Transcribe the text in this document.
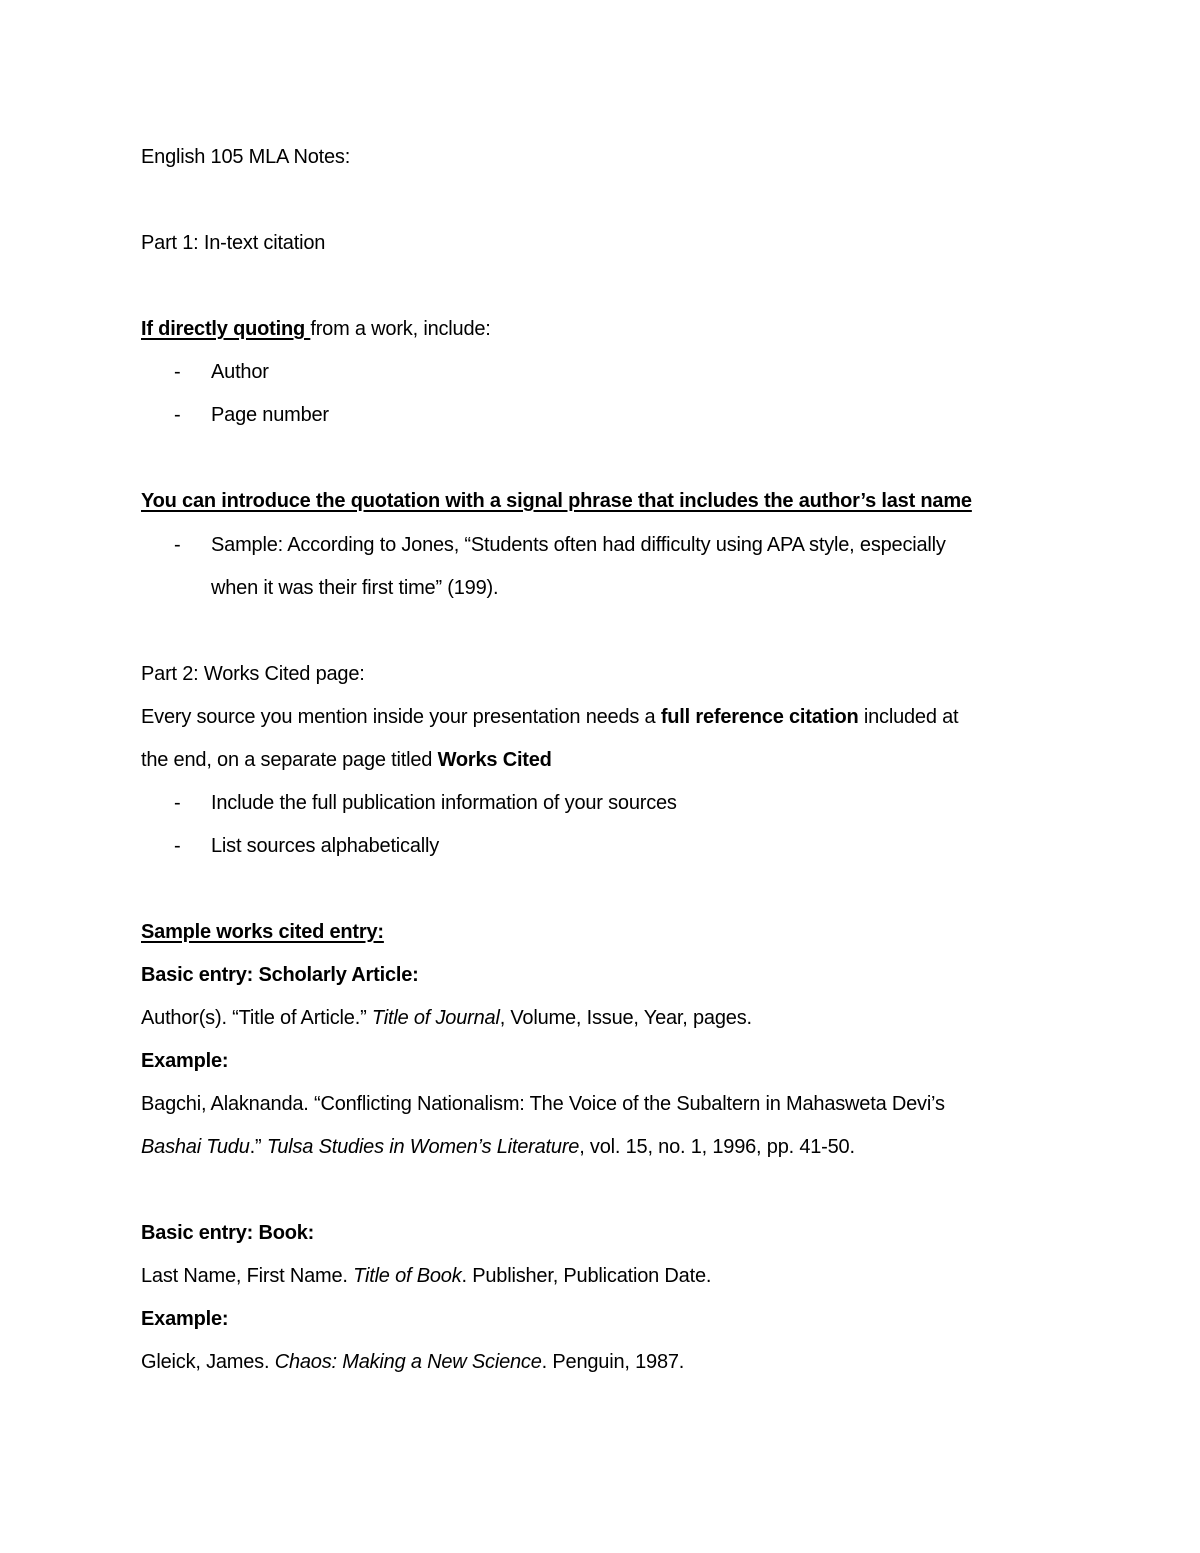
English 105 MLA Notes:
Part 1: In-text citation
If directly quoting from a work, include:
- Author
- Page number
You can introduce the quotation with a signal phrase that includes the author’s last name
- Sample: According to Jones, “Students often had difficulty using APA style, especially
when it was their first time” (199).
Part 2: Works Cited page:
Every source you mention inside your presentation needs a full reference citation included at
the end, on a separate page titled Works Cited
- Include the full publication information of your sources
- List sources alphabetically
Sample works cited entry:
Basic entry: Scholarly Article:
Author(s). “Title of Article.” Title of Journal, Volume, Issue, Year, pages.
Example:
Bagchi, Alaknanda. “Conflicting Nationalism: The Voice of the Subaltern in Mahasweta Devi’s
Bashai Tudu.” Tulsa Studies in Women’s Literature, vol. 15, no. 1, 1996, pp. 41-50.
Basic entry: Book:
Last Name, First Name. Title of Book. Publisher, Publication Date.
Example:
Gleick, James. Chaos: Making a New Science. Penguin, 1987.
